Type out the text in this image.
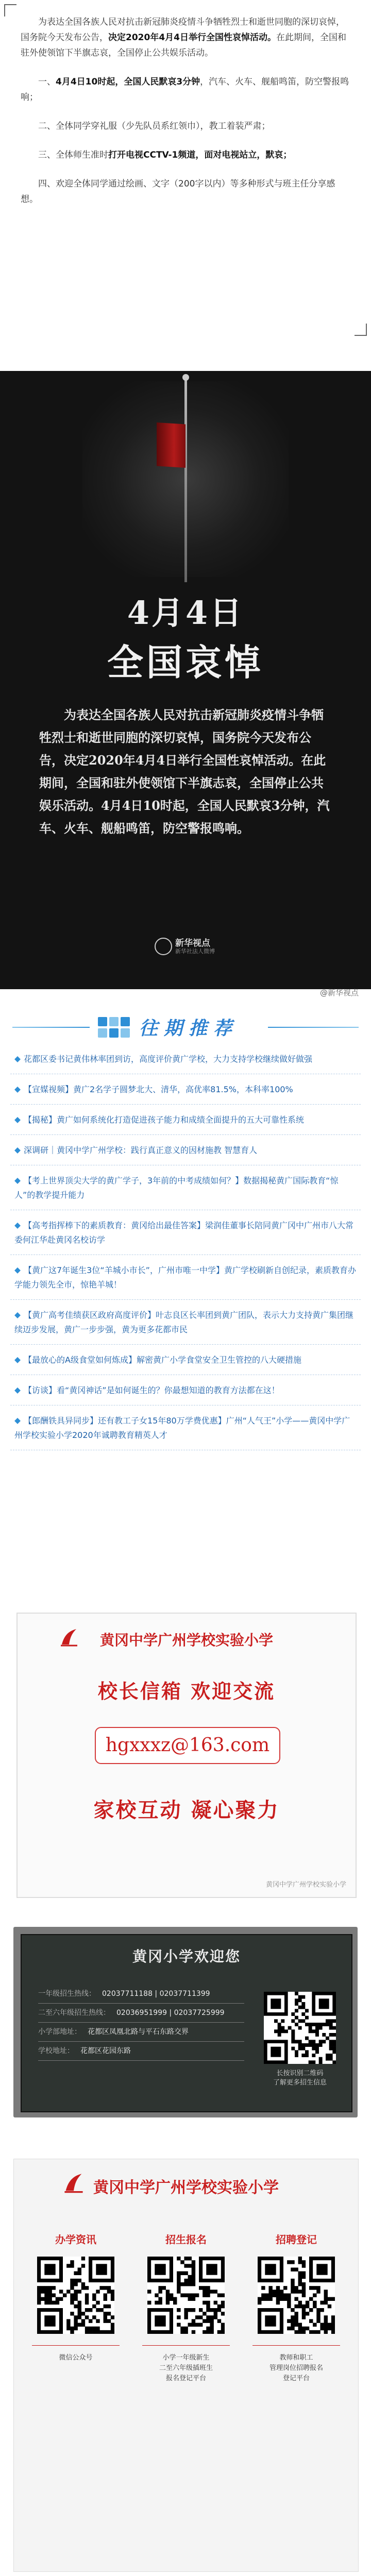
为表达全国各族人民对抗击新冠肺炎疫情斗争牺牲烈士和逝世同胞的深切哀悼，国务院今天发布公告，决定2020年4月4日举行全国性哀悼活动。在此期间，全国和驻外使领馆下半旗志哀，全国停止公共娱乐活动。

一、4月4日10时起，全国人民默哀3分钟，汽车、火车、舰船鸣笛，防空警报鸣响；

二、全体同学穿礼服（少先队员系红领巾），教工着装严肃；

三、全体师生准时打开电视CCTV-1频道，面对电视站立，默哀；

四、欢迎全体同学通过绘画、文字（200字以内）等多种形式与班主任分享感想。

4月4日
全国哀悼
为表达全国各族人民对抗击新冠肺炎疫情斗争牺牲烈士和逝世同胞的深切哀悼，国务院今天发布公告，决定2020年4月4日举行全国性哀悼活动。在此期间，全国和驻外使领馆下半旗志哀，全国停止公共娱乐活动。4月4日10时起，全国人民默哀3分钟，汽车、火车、舰船鸣笛，防空警报鸣响。
新华视点
新华社法人微博
@新华视点
往期推荐
花都区委书记黄伟林率团到访，高度评价黄广学校，大力支持学校继续做好做强
【宣媒视频】黄广2名学子圆梦北大、清华，高优率81.5%，本科率100%
【揭秘】黄广如何系统化打造促进孩子能力和成绩全面提升的五大可靠性系统
深调研｜黄冈中学广州学校：践行真正意义的因材施教 智慧育人
【考上世界顶尖大学的黄广学子，3年前的中考成绩如何？】数据揭秘黄广国际教育“惊人”的教学提升能力
【高考指挥棒下的素质教育：黄冈给出最佳答案】梁润佳董事长陪同黄广冈中广州市八大常委何江华赴黄冈名校访学
【黄广这7年诞生3位“羊城小市长”，广州市唯一中学】黄广学校刷新自创纪录，素质教育办学能力领先全市，惊艳羊城！
【黄广高考佳绩获区政府高度评价】叶志良区长率团到黄广团队，表示大力支持黄广集团继续迈步发展，黄广一步步强，黄为更多花都市民
【最放心的A级食堂如何炼成】解密黄广小学食堂安全卫生管控的八大硬措施
【访谈】看“黄冈神话”是如何诞生的？你最想知道的教育方法都在这！
【郎酬铁具异同步】还有教工子女15年80万学费优惠】广州“人气王”小学——黄冈中学广州学校实验小学2020年诚聘教育精英人才
黄冈中学广州学校实验小学
校长信箱 欢迎交流
hgxxxz@163.com
家校互动 凝心聚力
黄冈中学广州学校实验小学
黄冈小学欢迎您
一年级招生热线： 02037711188 | 02037711399
二至六年级招生热线： 02036951999 | 02037725999
小学部地址： 花都区凤凰北路与平石东路交界
学校地址： 花都区花园东路
长按识别二维码
了解更多招生信息
黄冈中学广州学校实验小学
办学资讯
微信公众号
招生报名
小学一年级新生
二至六年级插班生
报名登记平台
招聘登记
教师和职工
管理岗位招聘报名
登记平台
